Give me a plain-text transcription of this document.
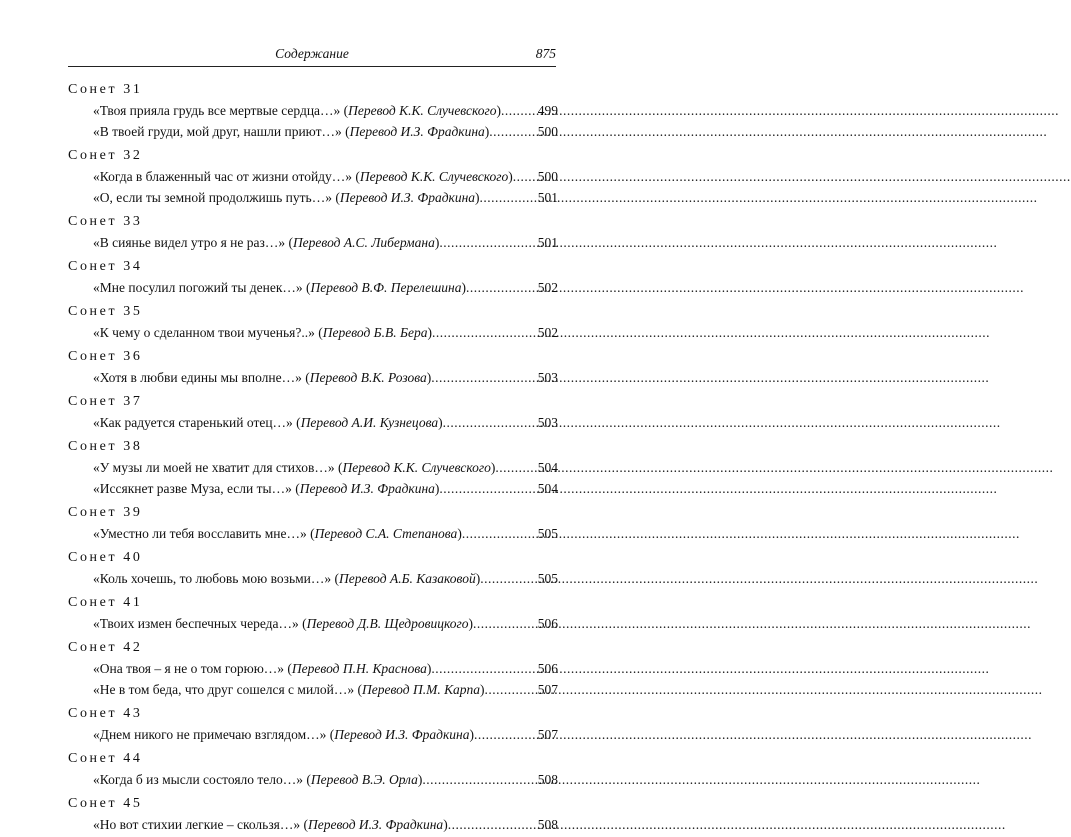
Содержание	875
Сонет 31
«Твоя прияла грудь все мертвые сердца…» (Перевод К.К. Случевского) .....	499
«В твоей груди, мой друг, нашли приют…» (Перевод И.З. Фрадкина) .....	500
Сонет 32
«Когда в блаженный час от жизни отойду…» (Перевод К.К. Случевского) .....	500
«О, если ты земной продолжишь путь…» (Перевод И.З. Фрадкина) .....	501
Сонет 33
«В сиянье видел утро я не раз…» (Перевод А.С. Либермана) .....	501
Сонет 34
«Мне посулил погожий ты денек…» (Перевод В.Ф. Перелешина) .....	502
Сонет 35
«К чему о сделанном твои мученья?..» (Перевод Б.В. Бера) .....	502
Сонет 36
«Хотя в любви едины мы вполне…» (Перевод В.К. Розова) .....	503
Сонет 37
«Как радуется старенький отец…» (Перевод А.И. Кузнецова) .....	503
Сонет 38
«У музы ли моей не хватит для стихов…» (Перевод К.К. Случевского) .....	504
«Иссякнет разве Муза, если ты…» (Перевод И.З. Фрадкина) .....	504
Сонет 39
«Уместно ли тебя восславить мне…» (Перевод С.А. Степанова) .....	505
Сонет 40
«Коль хочешь, то любовь мою возьми…» (Перевод А.Б. Казаковой) .....	505
Сонет 41
«Твоих измен беспечных череда…» (Перевод Д.В. Щедровицкого) .....	506
Сонет 42
«Она твоя – я не о том горюю…» (Перевод П.Н. Краснова) .....	506
«Не в том беда, что друг сошелся с милой…» (Перевод П.М. Карпа) .....	507
Сонет 43
«Днем никого не примечаю взглядом…» (Перевод И.З. Фрадкина) .....	507
Сонет 44
«Когда б из мысли состояло тело…» (Перевод В.Э. Орла) .....	508
Сонет 45
«Но вот стихии легкие – скользя…» (Перевод И.З. Фрадкина) .....	508
